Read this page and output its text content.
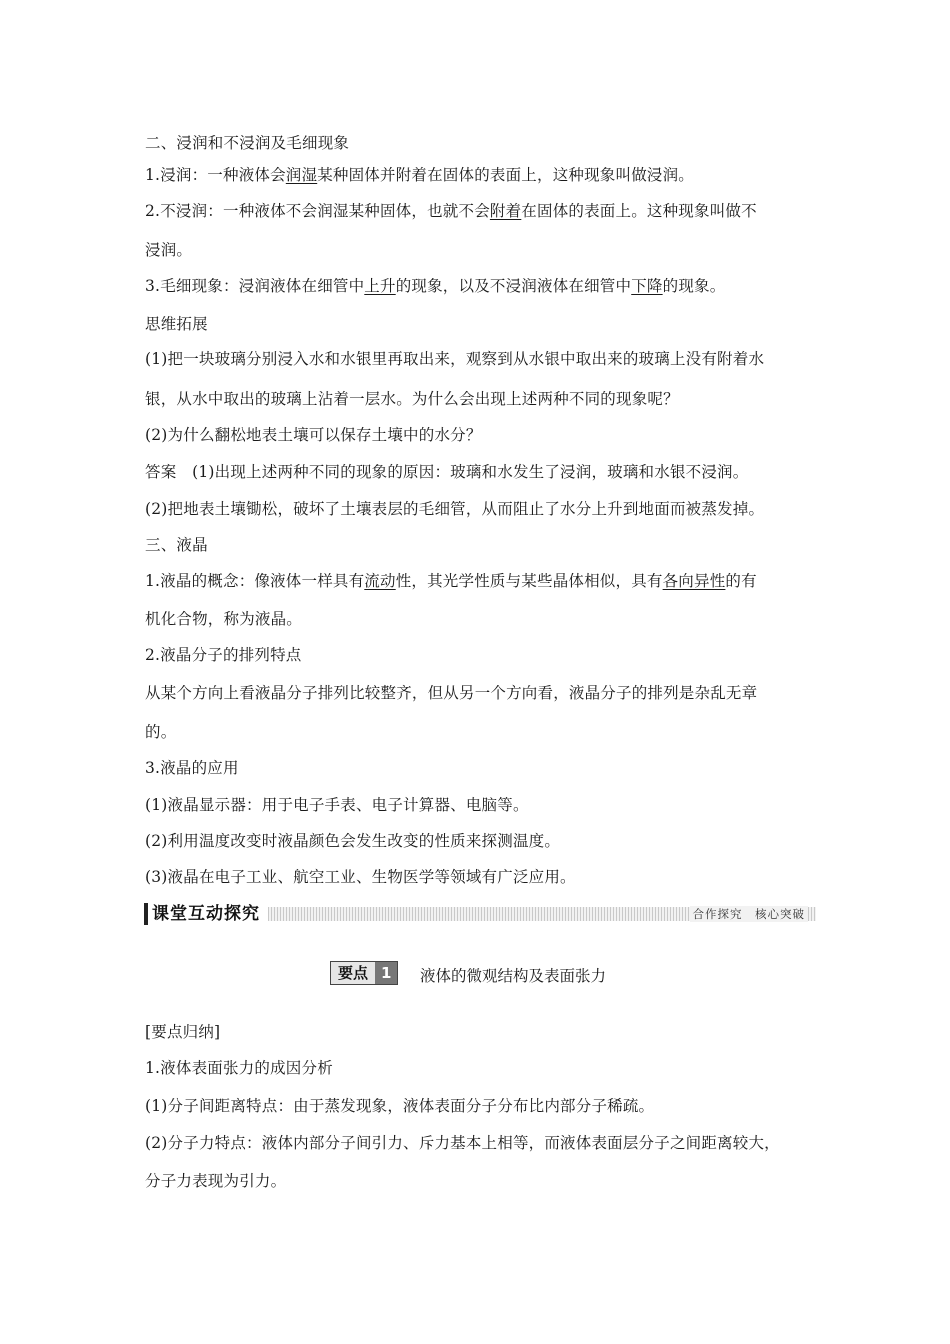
二、浸润和不浸润及毛细现象
1.浸润：一种液体会润湿某种固体并附着在固体的表面上，这种现象叫做浸润。
2.不浸润：一种液体不会润湿某种固体，也就不会附着在固体的表面上。这种现象叫做不
浸润。
3.毛细现象：浸润液体在细管中上升的现象，以及不浸润液体在细管中下降的现象。
思维拓展
(1)把一块玻璃分别浸入水和水银里再取出来，观察到从水银中取出来的玻璃上没有附着水
银，从水中取出的玻璃上沾着一层水。为什么会出现上述两种不同的现象呢？
(2)为什么翻松地表土壤可以保存土壤中的水分？
答案　(1)出现上述两种不同的现象的原因：玻璃和水发生了浸润，玻璃和水银不浸润。
(2)把地表土壤锄松，破坏了土壤表层的毛细管，从而阻止了水分上升到地面而被蒸发掉。
三、液晶
1.液晶的概念：像液体一样具有流动性，其光学性质与某些晶体相似，具有各向异性的有
机化合物，称为液晶。
2.液晶分子的排列特点
从某个方向上看液晶分子排列比较整齐，但从另一个方向看，液晶分子的排列是杂乱无章
的。
3.液晶的应用
(1)液晶显示器：用于电子手表、电子计算器、电脑等。
(2)利用温度改变时液晶颜色会发生改变的性质来探测温度。
(3)液晶在电子工业、航空工业、生物医学等领域有广泛应用。
[要点归纳]
1.液体表面张力的成因分析
(1)分子间距离特点：由于蒸发现象，液体表面分子分布比内部分子稀疏。
(2)分子力特点：液体内部分子间引力、斥力基本上相等，而液体表面层分子之间距离较大，
分子力表现为引力。
课堂互动探究	合作探究　核心突破
要点 1	液体的微观结构及表面张力
